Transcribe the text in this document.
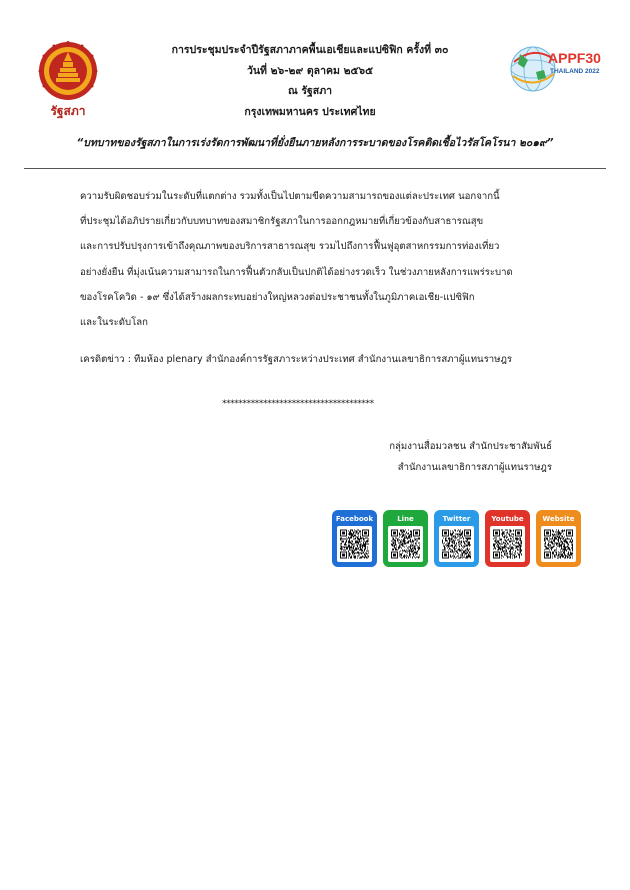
รัฐสภา
APPF30
THAILAND 2022
การประชุมประจำปีรัฐสภาภาคพื้นเอเชียและแปซิฟิก ครั้งที่ ๓๐
วันที่ ๒๖-๒๙ ตุลาคม ๒๕๖๕
ณ รัฐสภา
กรุงเทพมหานคร ประเทศไทย
“บทบาทของรัฐสภาในการเร่งรัดการพัฒนาที่ยั่งยืนภายหลังการระบาดของโรคติดเชื้อไวรัสโคโรนา ๒๐๑๙”
ความรับผิดชอบร่วมในระดับที่แตกต่าง รวมทั้งเป็นไปตามขีดความสามารถของแต่ละประเทศ นอกจากนี้
ที่ประชุมได้อภิปรายเกี่ยวกับบทบาทของสมาชิกรัฐสภาในการออกกฎหมายที่เกี่ยวข้องกับสาธารณสุข
และการปรับปรุงการเข้าถึงคุณภาพของบริการสาธารณสุข รวมไปถึงการฟื้นฟูอุตสาหกรรมการท่องเที่ยว
อย่างยั่งยืน ที่มุ่งเน้นความสามารถในการฟื้นตัวกลับเป็นปกติได้อย่างรวดเร็ว ในช่วงภายหลังการแพร่ระบาด
ของโรคโควิด - ๑๙ ซึ่งได้สร้างผลกระทบอย่างใหญ่หลวงต่อประชาชนทั้งในภูมิภาคเอเชีย-แปซิฟิก
และในระดับโลก
เครดิตข่าว : ทีมห้อง plenary สำนักองค์การรัฐสภาระหว่างประเทศ สำนักงานเลขาธิการสภาผู้แทนราษฎร
*************************************
กลุ่มงานสื่อมวลชน สำนักประชาสัมพันธ์
สำนักงานเลขาธิการสภาผู้แทนราษฎร
Facebook	Line	Twitter	Youtube	Website
